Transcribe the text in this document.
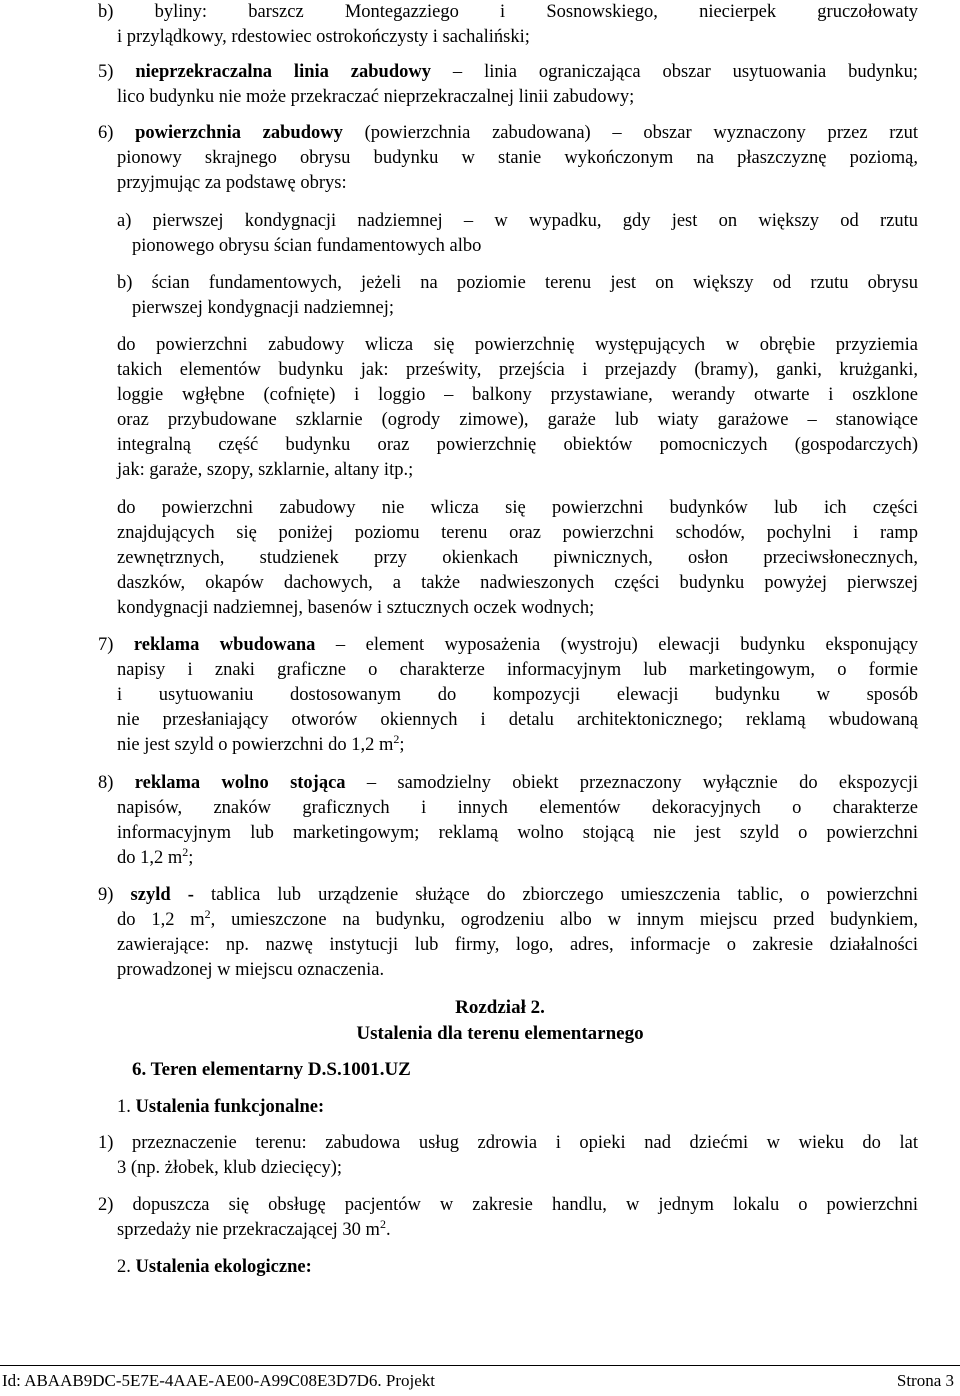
b) byliny: barszcz Montegazziego i Sosnowskiego, niecierpek gruczołowaty
i przylądkowy, rdestowiec ostrokończysty i sachaliński;
5) nieprzekraczalna linia zabudowy – linia ograniczająca obszar usytuowania budynku;
lico budynku nie może przekraczać nieprzekraczalnej linii zabudowy;
6) powierzchnia zabudowy (powierzchnia zabudowana) – obszar wyznaczony przez rzut
pionowy skrajnego obrysu budynku w stanie wykończonym na płaszczyznę poziomą,
przyjmując za podstawę obrys:
a) pierwszej kondygnacji nadziemnej – w wypadku, gdy jest on większy od rzutu
pionowego obrysu ścian fundamentowych albo
b) ścian fundamentowych, jeżeli na poziomie terenu jest on większy od rzutu obrysu
pierwszej kondygnacji nadziemnej;
do powierzchni zabudowy wlicza się powierzchnię występujących w obrębie przyziemia
takich elementów budynku jak: prześwity, przejścia i przejazdy (bramy), ganki, krużganki,
loggie wgłębne (cofnięte) i loggio – balkony przystawiane, werandy otwarte i oszklone
oraz przybudowane szklarnie (ogrody zimowe), garaże lub wiaty garażowe – stanowiące
integralną część budynku oraz powierzchnię obiektów pomocniczych (gospodarczych)
jak: garaże, szopy, szklarnie, altany itp.;
do powierzchni zabudowy nie wlicza się powierzchni budynków lub ich części
znajdujących się poniżej poziomu terenu oraz powierzchni schodów, pochylni i ramp
zewnętrznych, studzienek przy okienkach piwnicznych, osłon przeciwsłonecznych,
daszków, okapów dachowych, a także nadwieszonych części budynku powyżej pierwszej
kondygnacji nadziemnej, basenów i sztucznych oczek wodnych;
7) reklama wbudowana – element wyposażenia (wystroju) elewacji budynku eksponujący
napisy i znaki graficzne o charakterze informacyjnym lub marketingowym, o formie
i usytuowaniu dostosowanym do kompozycji elewacji budynku w sposób
nie przesłaniający otworów okiennych i detalu architektonicznego; reklamą wbudowaną
nie jest szyld o powierzchni do 1,2 $m^2$;
8) reklama wolno stojąca – samodzielny obiekt przeznaczony wyłącznie do ekspozycji
napisów, znaków graficznych i innych elementów dekoracyjnych o charakterze
informacyjnym lub marketingowym; reklamą wolno stojącą nie jest szyld o powierzchni
do 1,2 $m^2$;
9) szyld - tablica lub urządzenie służące do zbiorczego umieszczenia tablic, o powierzchni
do 1,2 $m^2$, umieszczone na budynku, ogrodzeniu albo w innym miejscu przed budynkiem,
zawierające: np. nazwę instytucji lub firmy, logo, adres, informacje o zakresie działalności
prowadzonej w miejscu oznaczenia.
Rozdział 2.
Ustalenia dla terenu elementarnego
6. Teren elementarny D.S.1001.UZ
1. Ustalenia funkcjonalne:
1) przeznaczenie terenu: zabudowa usług zdrowia i opieki nad dziećmi w wieku do lat
3 (np. żłobek, klub dziecięcy);
2) dopuszcza się obsługę pacjentów w zakresie handlu, w jednym lokalu o powierzchni
sprzedaży nie przekraczającej 30 $m^2$.
2. Ustalenia ekologiczne:
Id: ABAAB9DC-5E7E-4AAE-AE00-A99C08E3D7D6. Projekt	Strona 3
